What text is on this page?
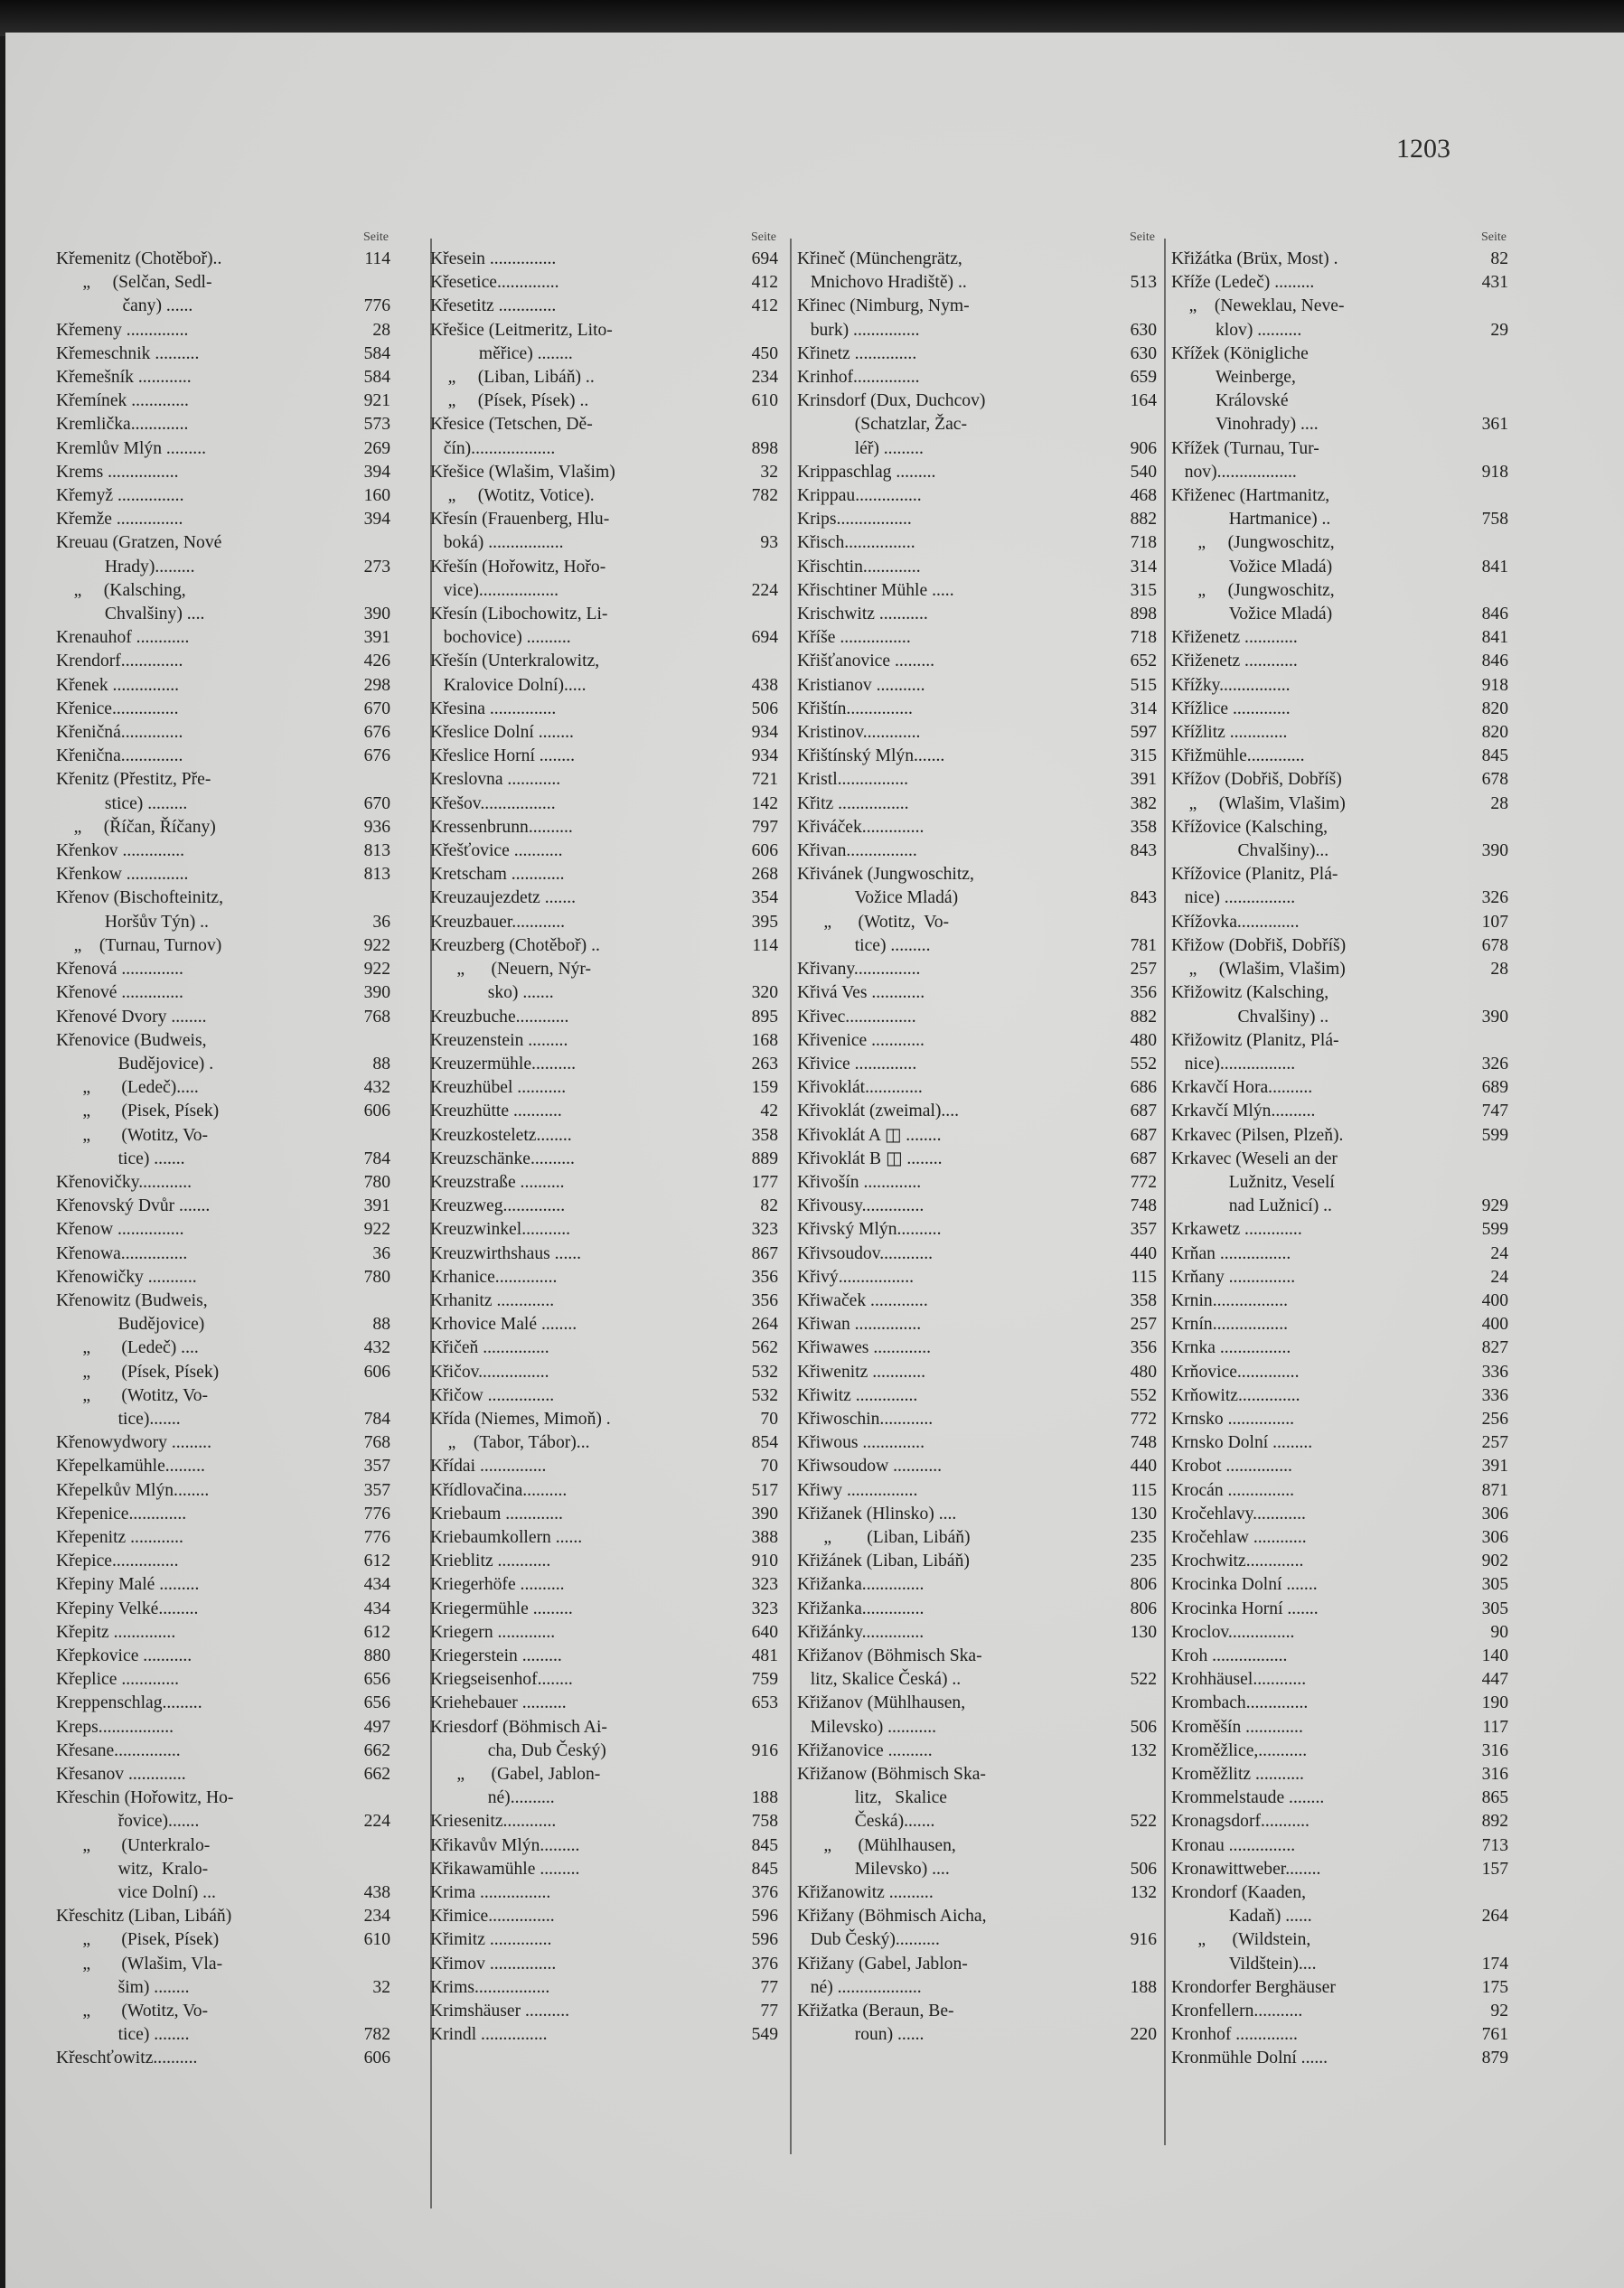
1203
Seite
Křemenitz (Chotěboř)..	114
„     (Selčan, Sedl-
čany) ......	776
Křemeny ..............	28
Křemeschnik ..........	584
Křemešník ............	584
Křemínek .............	921
Kremlička.............	573
Kremlův Mlýn .........	269
Krems ................	394
Křemyž ...............	160
Křemže ...............	394
Kreuau (Gratzen, Nové
Hrady).........	273
„     (Kalsching,
Chvalšiny) ....	390
Krenauhof ............	391
Krendorf..............	426
Křenek ...............	298
Křenice...............	670
Křeničná..............	676
Křenična..............	676
Křenitz (Přestitz, Pře-
stice) .........	670
„     (Říčan, Říčany)	936
Křenkov ..............	813
Křenkow ..............	813
Křenov (Bischofteinitz,
Horšův Týn) ..	36
„    (Turnau, Turnov)	922
Křenová ..............	922
Křenové ..............	390
Křenové Dvory ........	768
Křenovice (Budweis,
Budějovice) .	88
„       (Ledeč).....	432
„       (Pisek, Písek)	606
„       (Wotitz, Vo-
tice) .......	784
Křenovičky............	780
Křenovský Dvůr .......	391
Křenow ...............	922
Křenowa...............	36
Křenowičky ...........	780
Křenowitz (Budweis,
Budějovice)	88
„       (Ledeč) ....	432
„       (Písek, Písek)	606
„       (Wotitz, Vo-
tice).......	784
Křenowydwory .........	768
Křepelkamühle.........	357
Křepelkův Mlýn........	357
Křepenice.............	776
Křepenitz ............	776
Křepice...............	612
Křepiny Malé .........	434
Křepiny Velké.........	434
Křepitz ..............	612
Křepkovice ...........	880
Křeplice .............	656
Kreppenschlag.........	656
Kreps.................	497
Křesane...............	662
Křesanov .............	662
Křeschin (Hořowitz, Ho-
řovice).......	224
„       (Unterkralo-
witz,  Kralo-
vice Dolní) ...	438
Křeschitz (Liban, Libáň)	234
„       (Pisek, Písek)	610
„       (Wlašim, Vla-
šim) ........	32
„       (Wotitz, Vo-
tice) ........	782
Křeschťowitz..........	606
Seite
Křesein ...............	694
Křesetice..............	412
Křesetitz .............	412
Křešice (Leitmeritz, Lito-
měřice) ........	450
„     (Liban, Libáň) ..	234
„     (Písek, Písek) ..	610
Křesice (Tetschen, Dě-
čín)...................	898
Křešice (Wlašim, Vlašim)	32
„     (Wotitz, Votice).	782
Křesín (Frauenberg, Hlu-
boká) .................	93
Křešín (Hořowitz, Hořo-
vice)..................	224
Křesín (Libochowitz, Li-
bochovice) ..........	694
Křešín (Unterkralowitz,
Kralovice Dolní).....	438
Křesina ...............	506
Křeslice Dolní ........	934
Křeslice Horní ........	934
Kreslovna ............	721
Křešov.................	142
Kressenbrunn..........	797
Křešťovice ...........	606
Kretscham ............	268
Kreuzaujezdetz .......	354
Kreuzbauer............	395
Kreuzberg (Chotěboř) ..	114
„      (Neuern, Nýr-
sko) .......	320
Kreuzbuche............	895
Kreuzenstein .........	168
Kreuzermühle..........	263
Kreuzhübel ...........	159
Kreuzhütte ...........	42
Kreuzkosteletz........	358
Kreuzschänke..........	889
Kreuzstraße ..........	177
Kreuzweg..............	82
Kreuzwinkel...........	323
Kreuzwirthshaus ......	867
Krhanice..............	356
Krhanitz .............	356
Krhovice Malé ........	264
Křičeň ...............	562
Křičov................	532
Křičow ...............	532
Křída (Niemes, Mimoň) .	70
„    (Tabor, Tábor)...	854
Křídai ...............	70
Křídlovačina..........	517
Kriebaum .............	390
Kriebaumkollern ......	388
Krieblitz ............	910
Kriegerhöfe ..........	323
Kriegermühle .........	323
Kriegern .............	640
Kriegerstein .........	481
Kriegseisenhof........	759
Kriehebauer ..........	653
Kriesdorf (Böhmisch Ai-
cha, Dub Český)	916
„      (Gabel, Jablon-
né)..........	188
Kriesenitz............	758
Křikavův Mlýn.........	845
Křikawamühle .........	845
Krima ................	376
Křimice...............	596
Křimitz ..............	596
Křimov ...............	376
Krims.................	77
Krimshäuser ..........	77
Krindl ...............	549
Seite
Křineč (Münchengrätz,
Mnichovo Hradiště) ..	513
Křinec (Nimburg, Nym-
burk) ...............	630
Křinetz ..............	630
Krinhof...............	659
Krinsdorf (Dux, Duchcov)	164
(Schatzlar, Žac-
léř) .........	906
Krippaschlag .........	540
Krippau...............	468
Krips.................	882
Křisch................	718
Křischtin.............	314
Křischtiner Mühle .....	315
Krischwitz ...........	898
Kříše ................	718
Křišťanovice .........	652
Kristianov ...........	515
Křištín...............	314
Kristinov.............	597
Křištínský Mlýn.......	315
Kristl................	391
Křitz ................	382
Křiváček..............	358
Křivan................	843
Křivánek (Jungwoschitz,
Vožice Mladá)	843
„      (Wotitz,  Vo-
tice) .........	781
Křivany...............	257
Křivá Ves ............	356
Křivec................	882
Křivenice ............	480
Křivice ..............	552
Křivoklát.............	686
Křivoklát (zweimal)....	687
Křivoklát A ◫ ........	687
Křivoklát B ◫ ........	687
Křivošín .............	772
Křivousy..............	748
Křivský Mlýn..........	357
Křivsoudov............	440
Křivý.................	115
Křiwaček .............	358
Křiwan ...............	257
Křiwawes .............	356
Křiwenitz ............	480
Křiwitz ..............	552
Křiwoschin............	772
Křiwous ..............	748
Křiwsoudow ...........	440
Křiwy ................	115
Křižanek (Hlinsko) ....	130
„        (Liban, Libáň)	235
Křižánek (Liban, Libáň)	235
Křižanka..............	806
Křižanka..............	806
Křižánky..............	130
Křižanov (Böhmisch Ska-
litz, Skalice Česká) ..	522
Křižanov (Mühlhausen,
Milevsko) ...........	506
Křižanovice ..........	132
Křižanow (Böhmisch Ska-
litz,   Skalice
Česká).......	522
„      (Mühlhausen,
Milevsko) ....	506
Křižanowitz ..........	132
Křižany (Böhmisch Aicha,
Dub Český)..........	916
Křižany (Gabel, Jablon-
né) ...................	188
Křižatka (Beraun, Be-
roun) ......	220
Seite
Křižátka (Brüx, Most) .	82
Kříže (Ledeč) .........	431
„    (Neweklau, Neve-
klov) ..........	29
Křížek (Königliche
Weinberge,
Královské
Vinohrady) ....	361
Křížek (Turnau, Tur-
nov)..................	918
Křiženec (Hartmanitz,
Hartmanice) ..	758
„     (Jungwoschitz,
Vožice Mladá)	841
„     (Jungwoschitz,
Vožice Mladá)	846
Křiženetz ............	841
Křiženetz ............	846
Křížky................	918
Křížlice .............	820
Křížlitz .............	820
Křižmühle.............	845
Křížov (Dobřiš, Dobříš)	678
„     (Wlašim, Vlašim)	28
Křížovice (Kalsching,
Chvalšiny)...	390
Křížovice (Planitz, Plá-
nice) ................	326
Křížovka..............	107
Křižow (Dobřiš, Dobříš)	678
„     (Wlašim, Vlašim)	28
Křižowitz (Kalsching,
Chvalšiny) ..	390
Křižowitz (Planitz, Plá-
nice).................	326
Krkavčí Hora..........	689
Krkavčí Mlýn..........	747
Krkavec (Pilsen, Plzeň).	599
Krkavec (Weseli an der
Lužnitz, Veselí
nad Lužnicí) ..	929
Krkawetz .............	599
Krňan ................	24
Krňany ...............	24
Krnin.................	400
Krnín.................	400
Krnka ................	827
Krňovice..............	336
Krňowitz..............	336
Krnsko ...............	256
Krnsko Dolní .........	257
Krobot ...............	391
Krocán ...............	871
Kročehlavy............	306
Kročehlaw ............	306
Krochwitz.............	902
Krocinka Dolní .......	305
Krocinka Horní .......	305
Kroclov...............	90
Kroh .................	140
Krohhäusel............	447
Krombach..............	190
Kroměšín .............	117
Kroměžlice,...........	316
Kroměžlitz ...........	316
Krommelstaude ........	865
Kronagsdorf...........	892
Kronau ...............	713
Kronawittweber........	157
Krondorf (Kaaden,
Kadaň) ......	264
„      (Wildstein,
Vildštein)....	174
Krondorfer Berghäuser	175
Kronfellern...........	92
Kronhof ..............	761
Kronmühle Dolní ......	879
